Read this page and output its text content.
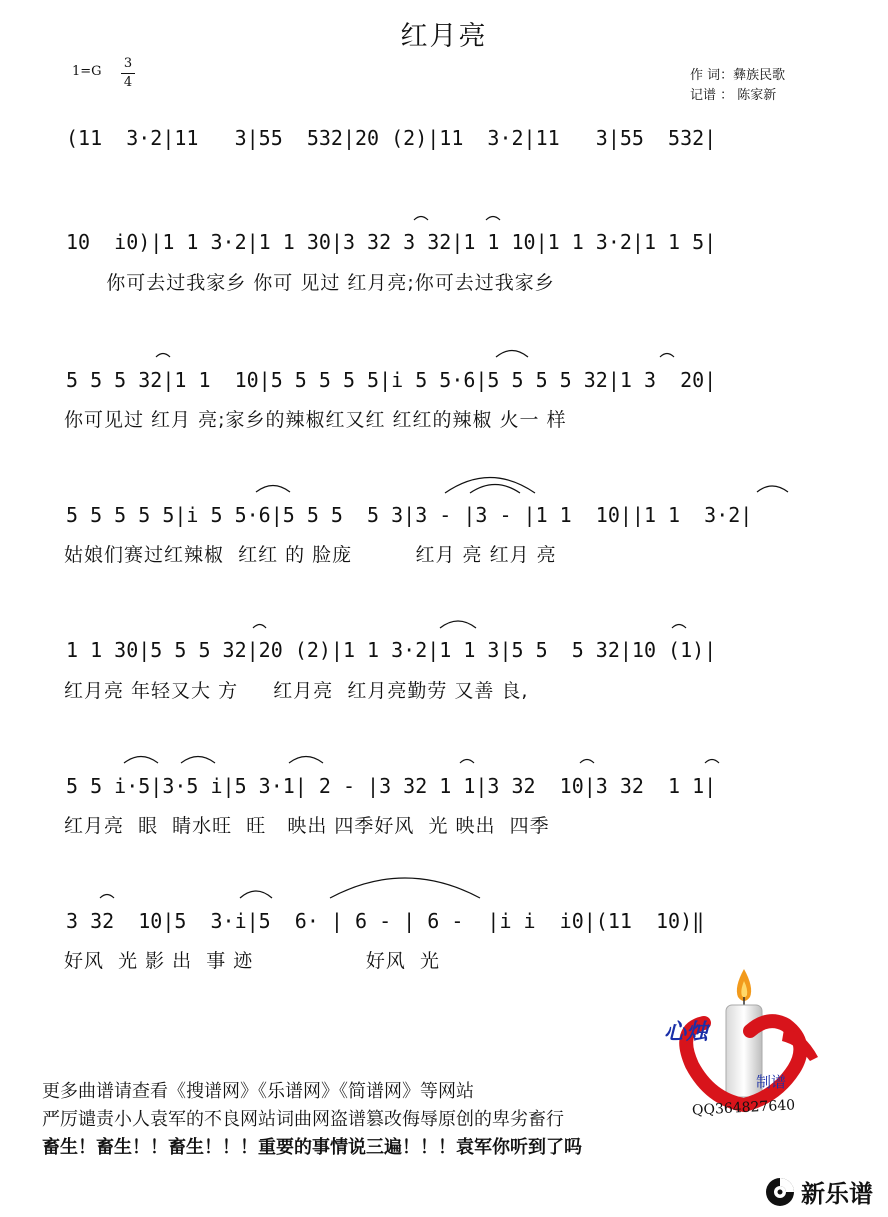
红月亮
1=G
3
4	作 词：彝族民歌
记谱 ： 陈家新
(11  3·2|11   3|55  532|20 (2)|11  3·2|11   3|55  532|
10  i0)|1 1 3·2|1 1 30|3 32 3 32|1 1 10|1 1 3·2|1 1 5|
你可去过我家乡 你可 见过 红月亮;你可去过我家乡
5 5 5 32|1 1  10|5 5 5 5 5|i 5 5·6|5 5 5 5 32|1 3  20|
你可见过 红月 亮;家乡的辣椒红又红 红红的辣椒 火一 样
5 5 5 5 5|i 5 5·6|5 5 5  5 3|3 - |3 - |1 1  10||1 1  3·2|
姑娘们赛过红辣椒  红红 的 脸庞         红月 亮 红月 亮
1 1 30|5 5 5 32|20 (2)|1 1 3·2|1 1 3|5 5  5 32|10 (1)|
红月亮 年轻又大 方     红月亮  红月亮勤劳 又善 良,
5 5 i·5|3·5 i|5 3·1| 2 - |3 32 1 1|3 32  10|3 32  1 1|
红月亮  眼  睛水旺  旺   映出 四季好风  光 映出  四季
3 32  10|5  3·i|5  6· | 6 - | 6 -  |i i  i0|(11  10)‖
好风  光 影 出  事 迹                好风  光
更多曲谱请查看《搜谱网》《乐谱网》《简谱网》等网站
严厉谴责小人袁军的不良网站词曲网盗谱篡改侮辱原创的卑劣畜行
畜生！畜生！！畜生！！！重要的事情说三遍！！！袁军你听到了吗
心烛
制谱
QQ364827640
新乐谱
